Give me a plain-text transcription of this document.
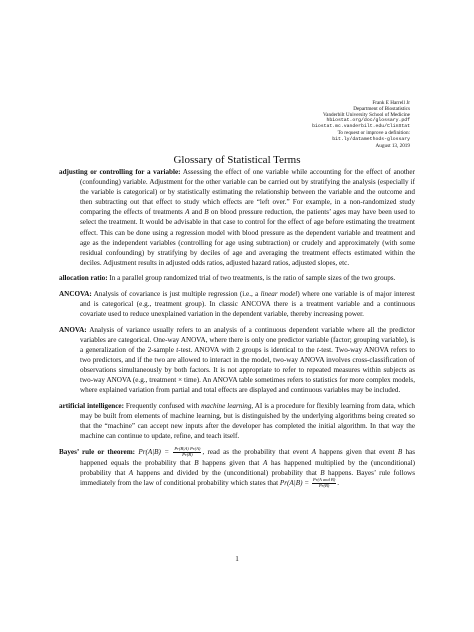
Frank E Harrell Jr
Department of Biostatistics
Vanderbilt University School of Medicine
hbiostat.org/doc/glossary.pdf
biostat.mc.vanderbilt.edu/ClinStat
To request or improve a definition:
bit.ly/datamethods-glossary
August 13, 2019
Glossary of Statistical Terms

adjusting or controlling for a variable: Assessing the effect of one variable while accounting for the effect of another (confounding) variable. Adjustment for the other variable can be carried out by stratifying the analysis (especially if the variable is categorical) or by statistically estimating the relationship between the variable and the outcome and then subtracting out that effect to study which effects are “left over.” For example, in a non-randomized study comparing the effects of treatments A and B on blood pressure reduction, the patients’ ages may have been used to select the treatment. It would be advisable in that case to control for the effect of age before estimating the treatment effect. This can be done using a regression model with blood pressure as the dependent variable and treatment and age as the independent variables (controlling for age using subtraction) or crudely and approximately (with some residual confounding) by stratifying by deciles of age and averaging the treatment effects estimated within the deciles. Adjustment results in adjusted odds ratios, adjusted hazard ratios, adjusted slopes, etc.

allocation ratio: In a parallel group randomized trial of two treatments, is the ratio of sample sizes of the two groups.

ANCOVA: Analysis of covariance is just multiple regression (i.e., a linear model) where one variable is of major interest and is categorical (e.g., treatment group). In classic ANCOVA there is a treatment variable and a continuous covariate used to reduce unexplained variation in the dependent variable, thereby increasing power.

ANOVA: Analysis of variance usually refers to an analysis of a continuous dependent variable where all the predictor variables are categorical. One-way ANOVA, where there is only one predictor variable (factor; grouping variable), is a generalization of the 2-sample t-test. ANOVA with 2 groups is identical to the t-test. Two-way ANOVA refers to two predictors, and if the two are allowed to interact in the model, two-way ANOVA involves cross-classification of observations simultaneously by both factors. It is not appropriate to refer to repeated measures within subjects as two-way ANOVA (e.g., treatment × time). An ANOVA table sometimes refers to statistics for more complex models, where explained variation from partial and total effects are displayed and continuous variables may be included.

artificial intelligence: Frequently confused with machine learning, AI is a procedure for flexibly learning from data, which may be built from elements of machine learning, but is distinguished by the underlying algorithms being created so that the “machine” can accept new inputs after the developer has completed the initial algorithm. In that way the machine can continue to update, refine, and teach itself.

Bayes’ rule or theorem: $Pr(A|B) = \frac{Pr(B|A) Pr(A)}{Pr(B)}$ , read as the probability that event A happens given that event B has happened equals the probability that B happens given that A has happened multiplied by the (unconditional) probability that A happens and divided by the (unconditional) probability that B happens. Bayes’ rule follows immediately from the law of conditional probability which states that $Pr(A|B) = \frac{\text{Pr(A and B)}}{Pr(B)}$ .

1
